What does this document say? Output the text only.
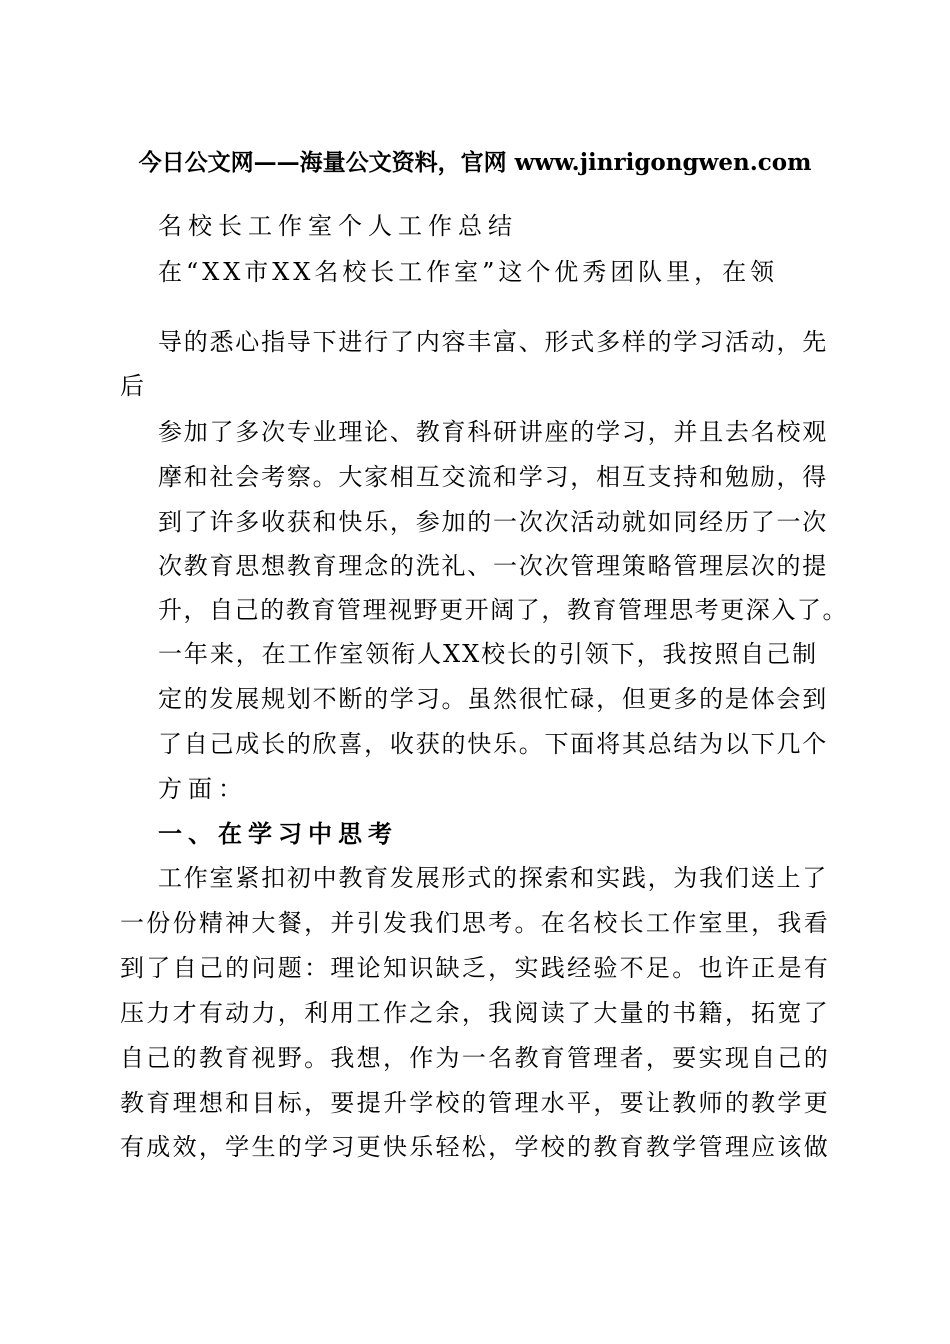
今日公文网——海量公文资料，官网 www.jinrigongwen.com
名校长工作室个人工作总结
在“XX市XX名校长工作室”这个优秀团队里，在领
导的悉心指导下进行了内容丰富、形式多样的学习活动，先
后
参加了多次专业理论、教育科研讲座的学习，并且去名校观
摩和社会考察。大家相互交流和学习，相互支持和勉励，得
到了许多收获和快乐，参加的一次次活动就如同经历了一次
次教育思想教育理念的洗礼、一次次管理策略管理层次的提
升，自己的教育管理视野更开阔了，教育管理思考更深入了。
一年来，在工作室领衔人XX校长的引领下，我按照自己制
定的发展规划不断的学习。虽然很忙碌，但更多的是体会到
了自己成长的欣喜，收获的快乐。下面将其总结为以下几个
方面：
一、在学习中思考
工作室紧扣初中教育发展形式的探索和实践，为我们送上了
一份份精神大餐，并引发我们思考。在名校长工作室里，我看
到了自己的问题：理论知识缺乏，实践经验不足。也许正是有
压力才有动力，利用工作之余，我阅读了大量的书籍，拓宽了
自己的教育视野。我想，作为一名教育管理者，要实现自己的
教育理想和目标，要提升学校的管理水平，要让教师的教学更
有成效，学生的学习更快乐轻松，学校的教育教学管理应该做
